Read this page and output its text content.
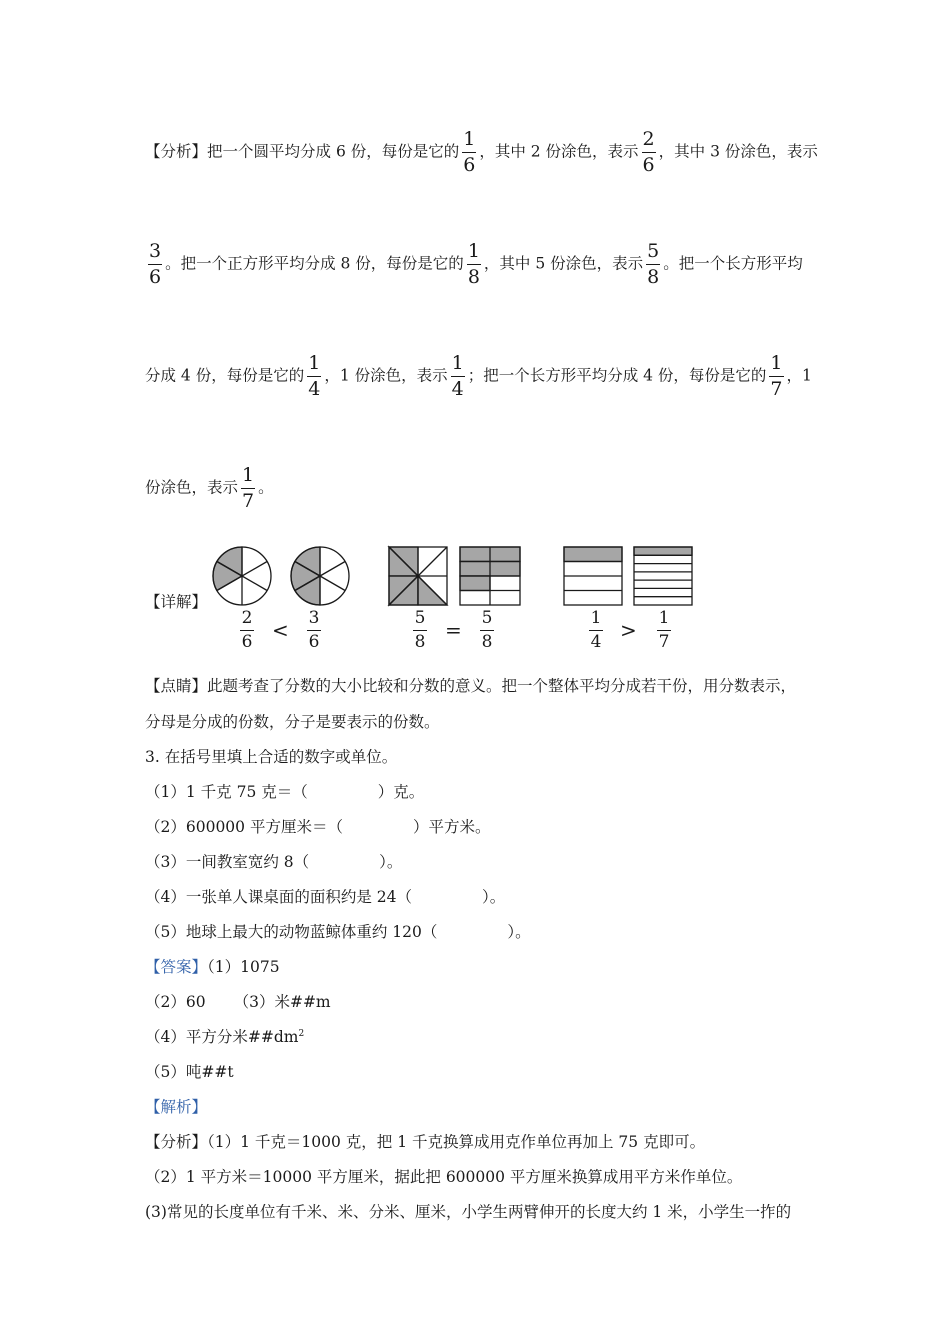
【分析】把一个圆平均分成 6 份，每份是它的 $\frac{1}{6}$ ，其中 2 份涂色，表示 $\frac{2}{6}$ ，其中 3 份涂色，表示
$\frac{3}{6}$ 。把一个正方形平均分成 8 份，每份是它的 $\frac{1}{8}$ ，其中 5 份涂色，表示 $\frac{5}{8}$ 。把一个长方形平均
分成 4 份，每份是它的 $\frac{1}{4}$ ，1 份涂色，表示 $\frac{1}{4}$ ；把一个长方形平均分成 4 份，每份是它的 $\frac{1}{7}$ ，1
份涂色，表示 $\frac{1}{7}$ 。
【详解】
2
6
< 3
6
5
8
= 5
8
1
4
> 1
7
【点睛】此题考查了分数的大小比较和分数的意义。把一个整体平均分成若干份，用分数表示，
分母是分成的份数，分子是要表示的份数。
3. 在括号里填上合适的数字或单位。
（1）1 千克 75 克＝（	）克。
（2）600000 平方厘米＝（	）平方米。
（3）一间教室宽约 8（	）。
（4）一张单人课桌面的面积约是 24（	）。
（5）地球上最大的动物蓝鲸体重约 120（	）。
【答案】（1）1075
（2）60 （3）米##m
（4）平方分米$\#\#dm^2$
（5）吨##t
【解析】
【分析】（1）1 千克＝1000 克，把 1 千克换算成用克作单位再加上 75 克即可。
（2）1 平方米＝10000 平方厘米，据此把 600000 平方厘米换算成用平方米作单位。
(3)常见的长度单位有千米、米、分米、厘米，小学生两臂伸开的长度大约 1 米，小学生一拃的
